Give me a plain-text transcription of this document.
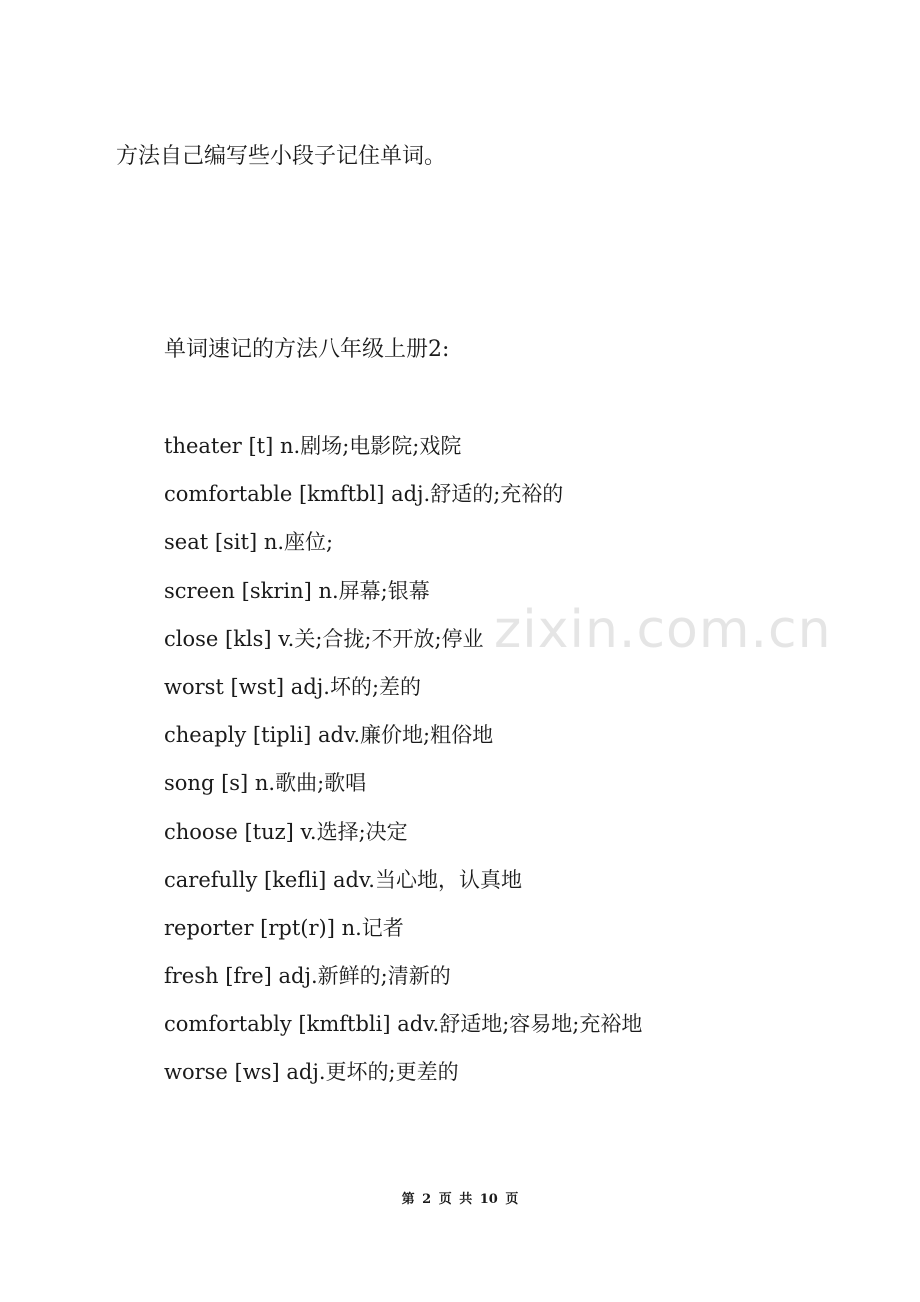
方法自己编写些小段子记住单词。
单词速记的方法八年级上册2:
theater [t] n.剧场;电影院;戏院
comfortable [kmftbl] adj.舒适的;充裕的
seat [sit] n.座位;
screen [skrin] n.屏幕;银幕
close [kls] v.关;合拢;不开放;停业
worst [wst] adj.坏的;差的
cheaply [tipli] adv.廉价地;粗俗地
song [s] n.歌曲;歌唱
choose [tuz] v.选择;决定
carefully [kefli] adv.当心地，认真地
reporter [rpt(r)] n.记者
fresh [fre] adj.新鲜的;清新的
comfortably [kmftbli] adv.舒适地;容易地;充裕地
worse [ws] adj.更坏的;更差的
zixin.com.cn
第 2 页 共 10 页
